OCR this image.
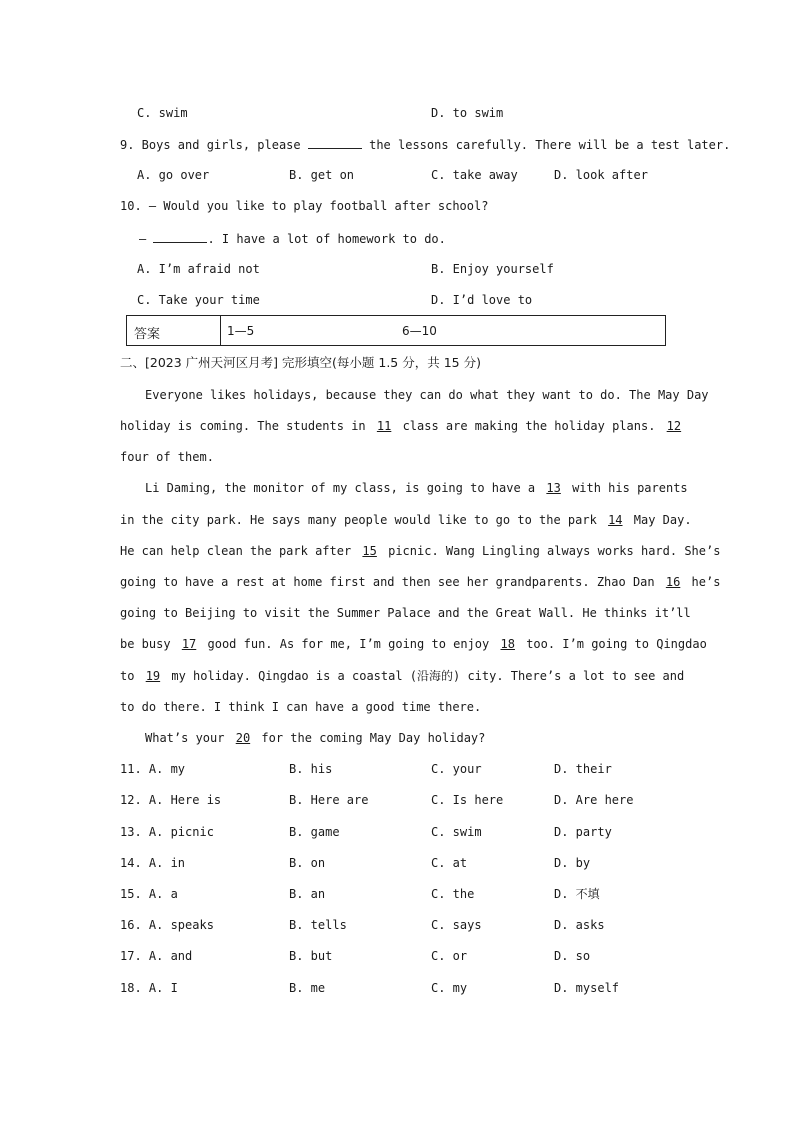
C. swim	D. to swim
9. Boys and girls, please	the lessons carefully. There will be a test later.
A. go over	B. get on	C. take away	D. look after
10. — Would you like to play football after school?
—	. I have a lot of homework to do.
A. I’m afraid not	B. Enjoy yourself
C. Take your time	D. I’d love to
答案	1—5	6—10
二、[2023 广州天河区月考] 完形填空(每小题 1.5 分，共 15 分)
Everyone likes holidays, because they can do what they want to do. The May Day
holiday is coming. The students in 11 class are making the holiday plans. 12
four of them.
Li Daming, the monitor of my class, is going to have a 13 with his parents
in the city park. He says many people would like to go to the park 14 May Day.
He can help clean the park after 15 picnic. Wang Lingling always works hard. She’s
going to have a rest at home first and then see her grandparents. Zhao Dan 16 he’s
going to Beijing to visit the Summer Palace and the Great Wall. He thinks it’ll
be busy 17 good fun. As for me, I’m going to enjoy 18 too. I’m going to Qingdao
to 19 my holiday. Qingdao is a coastal (沿海的) city. There’s a lot to see and
to do there. I think I can have a good time there.
What’s your 20 for the coming May Day holiday?
11. A. my	B. his	C. your	D. their
12. A. Here is	B. Here are	C. Is here	D. Are here
13. A. picnic	B. game	C. swim	D. party
14. A. in	B. on	C. at	D. by
15. A. a	B. an	C. the	D. 不填
16. A. speaks	B. tells	C. says	D. asks
17. A. and	B. but	C. or	D. so
18. A. I	B. me	C. my	D. myself
